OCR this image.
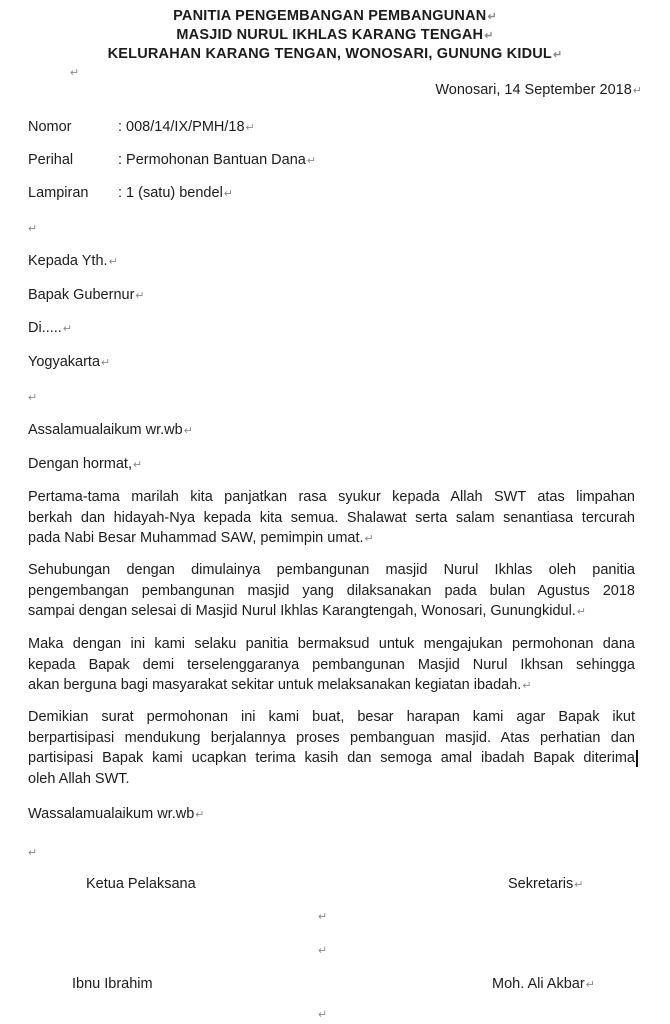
PANITIA PENGEMBANGAN PEMBANGUNAN↵
MASJID NURUL IKHLAS KARANG TENGAH↵
KELURAHAN KARANG TENGAN, WONOSARI, GUNUNG KIDUL↵
↵
Wonosari, 14 September 2018↵
Nomor	: 008/14/IX/PMH/18↵
Perihal	: Permohonan Bantuan Dana↵
Lampiran : 1 (satu) bendel↵
↵
Kepada Yth.↵
Bapak Gubernur↵
Di.....↵
Yogyakarta↵
↵
Assalamualaikum wr.wb↵
Dengan hormat,↵
Pertama-tama marilah kita panjatkan rasa syukur kepada Allah SWT atas limpahan
berkah dan hidayah-Nya kepada kita semua. Shalawat serta salam senantiasa tercurah
pada Nabi Besar Muhammad SAW, pemimpin umat.↵
Sehubungan dengan dimulainya pembangunan masjid Nurul Ikhlas oleh panitia
pengembangan pembangunan masjid yang dilaksanakan pada bulan Agustus 2018
sampai dengan selesai di Masjid Nurul Ikhlas Karangtengah, Wonosari, Gunungkidul.↵
Maka dengan ini kami selaku panitia bermaksud untuk mengajukan permohonan dana
kepada Bapak demi terselenggaranya pembangunan Masjid Nurul Ikhsan sehingga
akan berguna bagi masyarakat sekitar untuk melaksanakan kegiatan ibadah.↵
Demikian surat permohonan ini kami buat, besar harapan kami agar Bapak ikut
berpartisipasi mendukung berjalannya proses pembanguan masjid. Atas perhatian dan
partisipasi Bapak kami ucapkan terima kasih dan semoga amal ibadah Bapak diterima
oleh Allah SWT.
Wassalamualaikum wr.wb↵
↵
Ketua Pelaksana	Sekretaris↵
↵
↵
Ibnu Ibrahim	Moh. Ali Akbar↵
↵
